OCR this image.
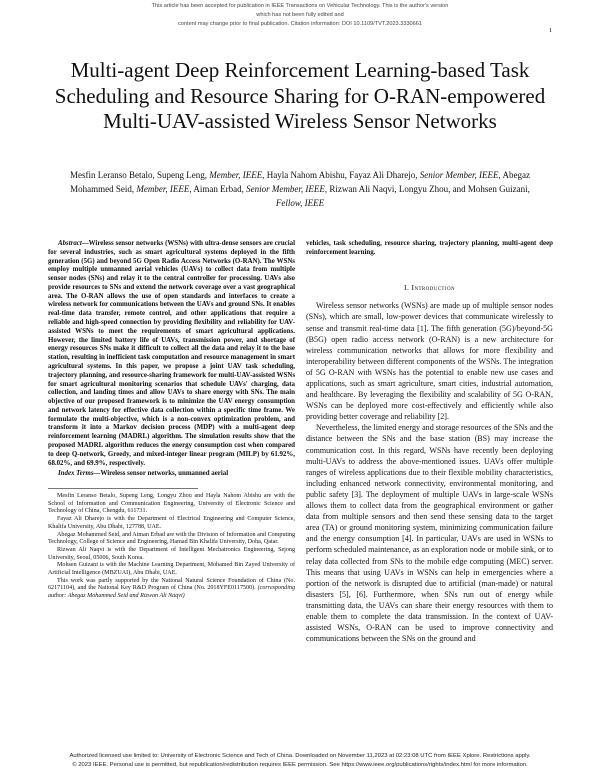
This article has been accepted for publication in IEEE Transactions on Vehicular Technology. This is the author's version which has not been fully edited and
content may change prior to final publication. Citation information: DOI 10.1109/TVT.2023.3330661
1
Multi-agent Deep Reinforcement Learning-based Task Scheduling and Resource Sharing for O-RAN-empowered Multi-UAV-assisted Wireless Sensor Networks
Mesfin Leranso Betalo, Supeng Leng, Member, IEEE, Hayla Nahom Abishu, Fayaz Ali Dharejo, Senior Member, IEEE, Abegaz Mohammed Seid, Member, IEEE, Aiman Erbad, Senior Member, IEEE, Rizwan Ali Naqvi, Longyu Zhou, and Mohsen Guizani, Fellow, IEEE

Abstract—Wireless sensor networks (WSNs) with ultra-dense sensors are crucial for several industries, such as smart agricultural systems deployed in the fifth generation (5G) and beyond 5G Open Radio Access Networks (O-RAN). The WSNs employ multiple unmanned aerial vehicles (UAVs) to collect data from multiple sensor nodes (SNs) and relay it to the central controller for processing. UAVs also provide resources to SNs and extend the network coverage over a vast geographical area. The O-RAN allows the use of open standards and interfaces to create a wireless network for communications between the UAVs and ground SNs. It enables real-time data transfer, remote control, and other applications that require a reliable and high-speed connection by providing flexibility and reliability for UAV-assisted WSNs to meet the requirements of smart agricultural applications. However, the limited battery life of UAVs, transmission power, and shortage of energy resources SNs make it difficult to collect all the data and relay it to the base station, resulting in inefficient task computation and resource management in smart agricultural systems. In this paper, we propose a joint UAV task scheduling, trajectory planning, and resource-sharing framework for multi-UAV-assisted WSNs for smart agricultural monitoring scenarios that schedule UAVs' charging, data collection, and landing times and allow UAVs to share energy with SNs. The main objective of our proposed framework is to minimize the UAV energy consumption and network latency for effective data collection within a specific time frame. We formulate the multi-objective, which is a non-convex optimization problem, and transform it into a Markov decision process (MDP) with a multi-agent deep reinforcement learning (MADRL) algorithm. The simulation results show that the proposed MADRL algorithm reduces the energy consumption cost when compared to deep Q-network, Greedy, and mixed-integer linear program (MILP) by 61.92%, 68.02%, and 69.9%, respectively.

Index Terms—Wireless sensor networks, unmanned aerial

Mesfin Leranso Betalo, Supeng Leng, Longyu Zhou and Hayla Nahom Abishu are with the School of Information and Communication Engineering, University of Electronic Science and Technology of China, Chengdu, 611731.

Fayaz Ali Dharejo is with the Department of Electrical Engineering and Computer Science, Khalifa University, Abu Dhabi, 127788, UAE.

Abegaz Mohammed Seid, and Aiman Erbad are with the Division of Information and Computing Technology, College of Science and Engineering, Hamad Bin Khalifa University, Doha, Qatar.

Rizwan Ali Naqvi is with the Department of Intelligent Mechatronics Engineering, Sejong University, Seoul, 05006, South Korea.

Mohsen Guizani is with the Machine Learning Department, Mohamed Bin Zayed University of Artificial Intelligence (MBZUAI), Abu Dhabi, UAE.

This work was partly supported by the National Natural Science Foundation of China (No. 62171104), and the National Key R&D Program of China (No. 2018YFE0117500). (corresponding author: Abegaz Mohammed Seid and Rizwan Ali Naqvi)

vehicles, task scheduling, resource sharing, trajectory planning, multi-agent deep reinforcement learning.

I. Introduction

Wireless sensor networks (WSNs) are made up of multiple sensor nodes (SNs), which are small, low-power devices that communicate wirelessly to sense and transmit real-time data [1]. The fifth generation (5G)/beyond-5G (B5G) open radio access network (O-RAN) is a new architecture for wireless communication networks that allows for more flexibility and interoperability between different components of the WSNs. The integration of 5G O-RAN with WSNs has the potential to enable new use cases and applications, such as smart agriculture, smart cities, industrial automation, and healthcare. By leveraging the flexibility and scalability of 5G O-RAN, WSNs can be deployed more cost-effectively and efficiently while also providing better coverage and reliability [2].

Nevertheless, the limited energy and storage resources of the SNs and the distance between the SNs and the base station (BS) may increase the communication cost. In this regard, WSNs have recently been deploying multi-UAVs to address the above-mentioned issues. UAVs offer multiple ranges of wireless applications due to their flexible mobility characteristics, including enhanced network connectivity, environmental monitoring, and public safety [3]. The deployment of multiple UAVs in large-scale WSNs allows them to collect data from the geographical environment or gather data from multiple sensors and then send these sensing data to the target area (TA) or ground monitoring system, minimizing communication failure and the energy consumption [4]. In particular, UAVs are used in WSNs to perform scheduled maintenance, as an exploration node or mobile sink, or to relay data collected from SNs to the mobile edge computing (MEC) server. This means that using UAVs in WSNs can help in emergencies where a portion of the network is disrupted due to artificial (man-made) or natural disasters [5], [6]. Furthermore, when SNs run out of energy while transmitting data, the UAVs can share their energy resources with them to enable them to complete the data transmission. In the context of UAV-assisted WSNs, O-RAN can be used to improve connectivity and communications between the SNs on the ground and

Authorized licensed use limited to: University of Electronic Science and Tech of China. Downloaded on November 11,2023 at 02:23:08 UTC from IEEE Xplore. Restrictions apply.
© 2023 IEEE. Personal use is permitted, but republication/redistribution requires IEEE permission. See https://www.ieee.org/publications/rights/index.html for more information.
